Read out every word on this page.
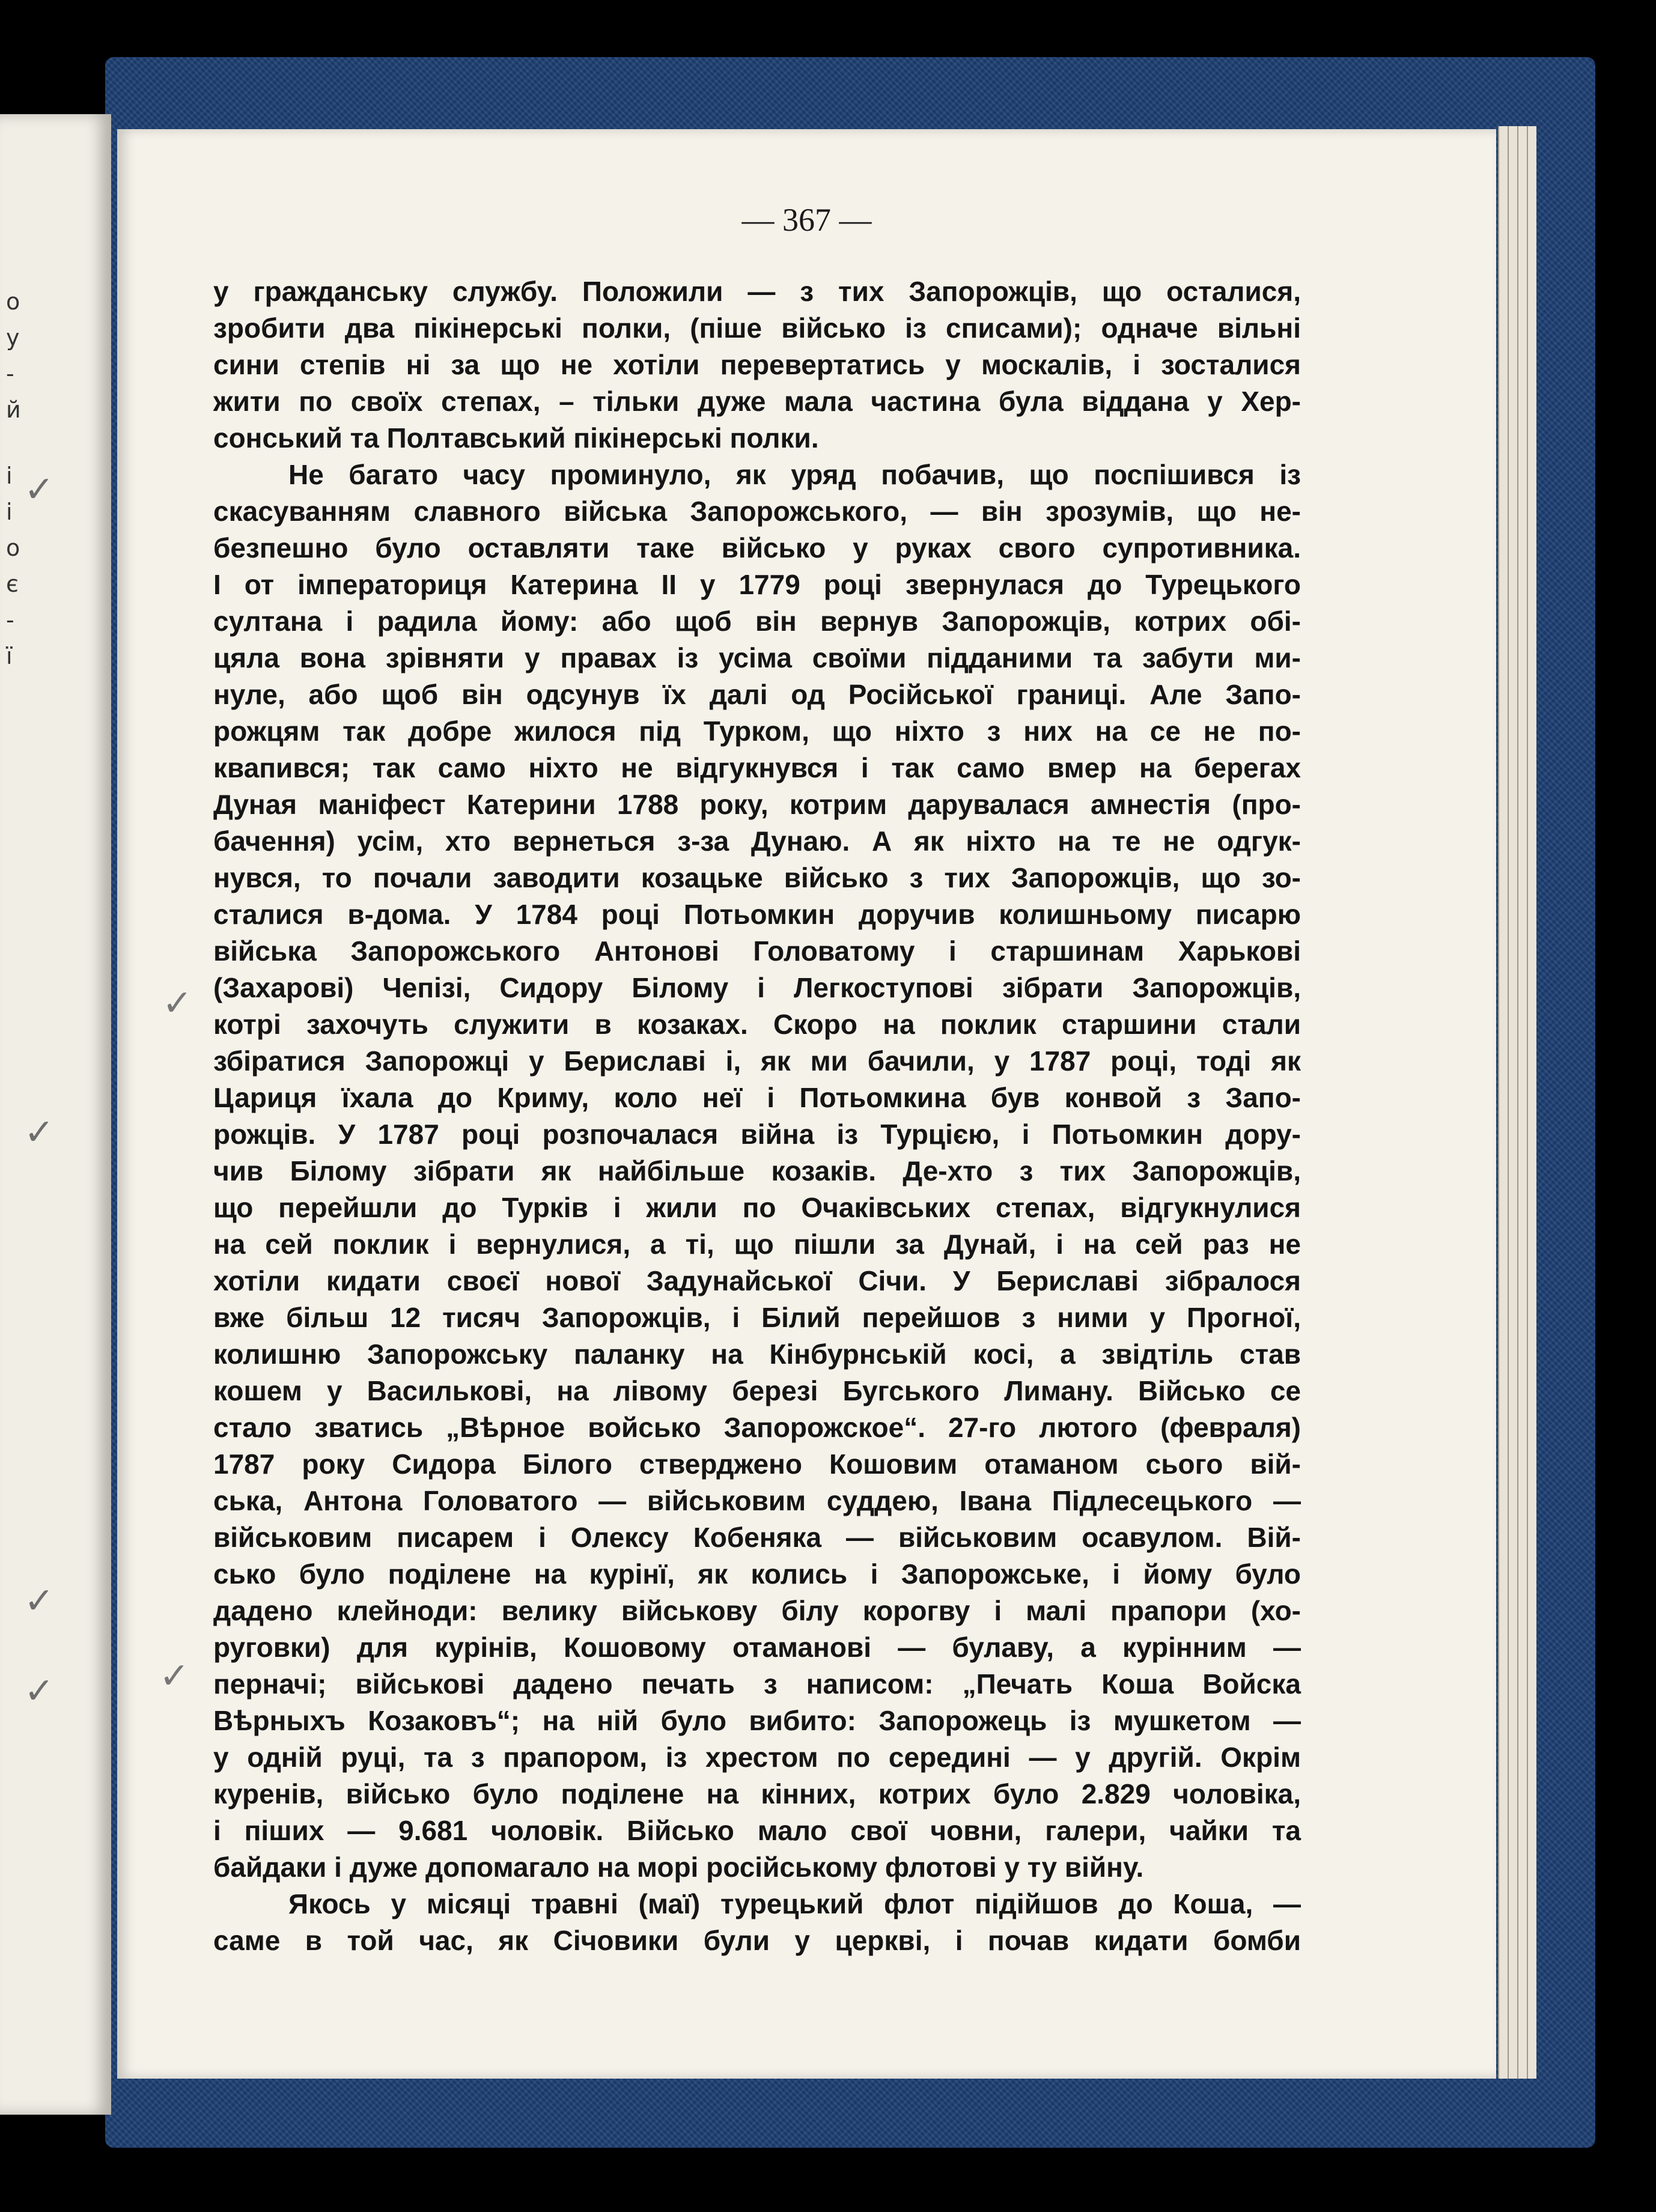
о
у
-
й
і
і
о
є
-
ї
✓
✓
✓
✓
— 367 —
у гражданську службу. Положили — з тих Запорожців, що осталися,
зробити два пікінерські полки, (піше військо із списами); одначе вільні
сини степів ні за що не хотіли перевертатись у москалів, і зосталися
жити по своїх степах, – тільки дуже мала частина була віддана у Хер-
сонський та Полтавський пікінерські полки.
Не багато часу проминуло, як уряд побачив, що поспішився із
скасуванням славного війська Запорожського, — він зрозумів, що не-
безпешно було оставляти таке військо у руках свого супротивника.
І от імператориця Катерина ІІ у 1779 році звернулася до Турецького
султана і радила йому: або щоб він вернув Запорожців, котрих обі-
цяла вона зрівняти у правах із усіма своїми підданими та забути ми-
нуле, або щоб він одсунув їх далі од Російської границі. Але Запо-
рожцям так добре жилося під Турком, що ніхто з них на се не по-
квапився; так само ніхто не відгукнувся і так само вмер на берегах
Дуная маніфест Катерини 1788 року, котрим дарувалася амнестія (про-
бачення) усім, хто вернеться з-за Дунаю. А як ніхто на те не одгук-
нувся, то почали заводити козацьке військо з тих Запорожців, що зо-
сталися в-дома. У 1784 році Потьомкин доручив колишньому писарю
війська Запорожського Антонові Головатому і старшинам Харькові
(Захарові) Чепізі, Сидору Білому і Легкоступові зібрати Запорожців,
котрі захочуть служити в козаках. Скоро на поклик старшини стали
збіратися Запорожці у Бериславі і, як ми бачили, у 1787 році, тоді як
Цариця їхала до Криму, коло неї і Потьомкина був конвой з Запо-
рожців. У 1787 році розпочалася війна із Турцією, і Потьомкин дору-
чив Білому зібрати як найбільше козаків. Де-хто з тих Запорожців,
що перейшли до Турків і жили по Очаківських степах, відгукнулися
на сей поклик і вернулися, а ті, що пішли за Дунай, і на сей раз не
хотіли кидати своєї нової Задунайської Січи. У Бериславі зібралося
вже більш 12 тисяч Запорожців, і Білий перейшов з ними у Прогної,
колишню Запорожську паланку на Кінбурнській косі, а звідтіль став
кошем у Васильковi, на лівому березі Бугського Лиману. Військо се
стало зватись „Вѣрное войсько Запорожское“. 27-го лютого (февраля)
1787 року Сидора Білого стверджено Кошовим отаманом сього вій-
ська, Антона Головатого — військовим суддею, Івана Підлесецького —
військовим писарем і Олексу Кобеняка — військовим осавулом. Вій-
сько було поділене на курінї, як колись і Запорожське, і йому було
дадено клейноди: велику військову білу корогву і малі прапори (хо-
руговки) для курінів, Кошовому отаманові — булаву, а курінним —
перначі; військові дадено печать з написом: „Печать Коша Войска
Вѣрныхъ Козаковъ“; на ній було вибито: Запорожець із мушкетом —
у одній руці, та з прапором, із хрестом по середині — у другій. Окрім
куренів, військо було поділене на кінних, котрих було 2.829 чоловіка,
і піших — 9.681 чоловік. Військо мало свої човни, галери, чайки та
байдаки і дуже допомагало на морі російському флотові у ту війну.
Якось у місяці травні (маї) турецький флот підійшов до Коша, —
саме в той час, як Січовики були у церкві, і почав кидати бомби
✓
✓
